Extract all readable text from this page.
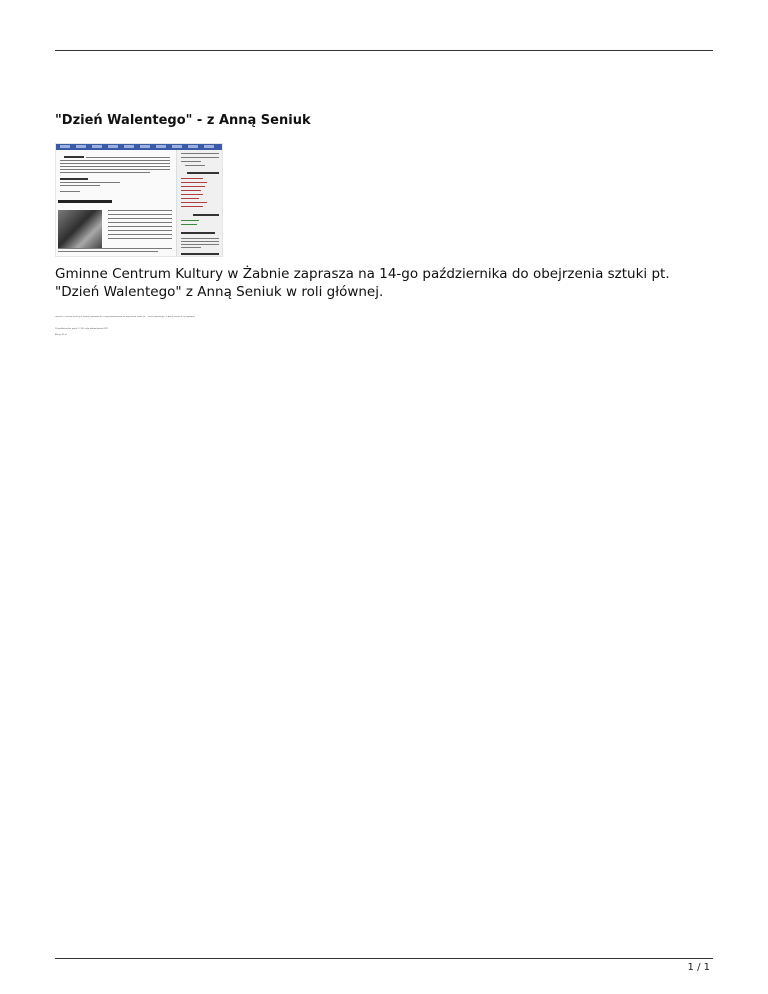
"Dzień Walentego" - z Anną Seniuk

Gminne Centrum Kultury w Żabnie zaprasza na 14-go października do obejrzenia sztuki pt. "Dzień Walentego" z Anną Seniuk w roli głównej.

Gminne Centrum Kultury w Żabnie zaprasza na 14-go października do obejrzenia sztuki pt. "Dzień Walentego" z Anną Seniuk w roli głównej.
14 października, godz. 17:30, sala widowiskowa GCK
Bilety: 35 zł
1 / 1
